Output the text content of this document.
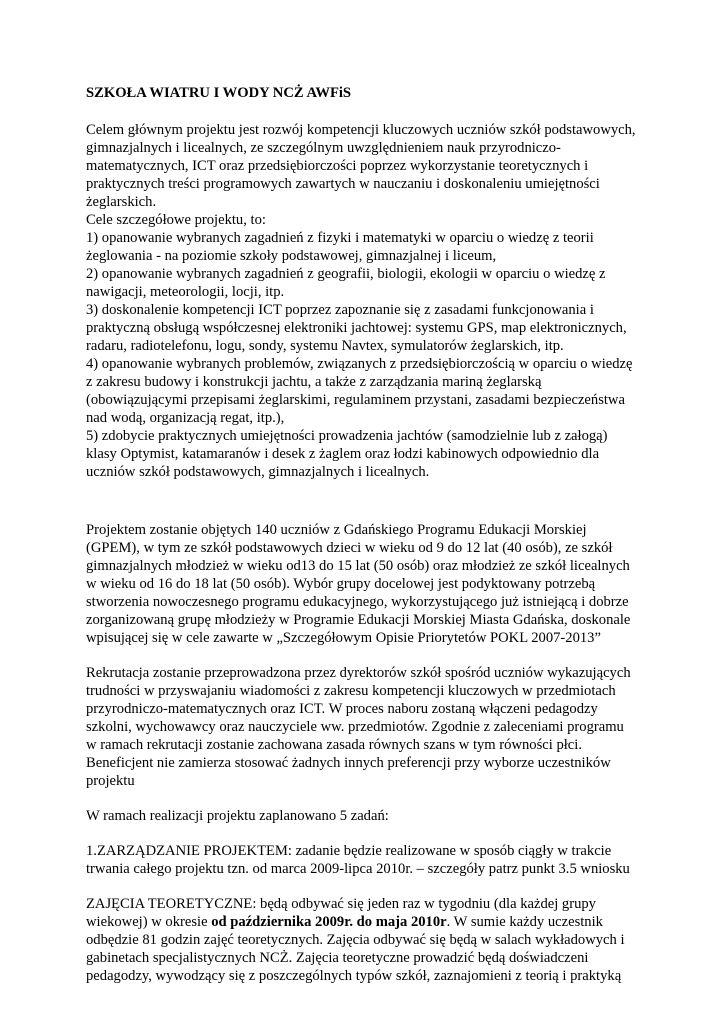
SZKOŁA WIATRU I WODY NCŻ AWFiS
Celem głównym projektu jest rozwój kompetencji kluczowych uczniów szkół podstawowych,
gimnazjalnych i licealnych, ze szczególnym uwzględnieniem nauk przyrodniczo-
matematycznych, ICT oraz przedsiębiorczości poprzez wykorzystanie teoretycznych i
praktycznych treści programowych zawartych w nauczaniu i doskonaleniu umiejętności
żeglarskich.
Cele szczegółowe projektu, to:
1) opanowanie wybranych zagadnień z fizyki i matematyki w oparciu o wiedzę z teorii
żeglowania - na poziomie szkoły podstawowej, gimnazjalnej i liceum,
2) opanowanie wybranych zagadnień z geografii, biologii, ekologii w oparciu o wiedzę z
nawigacji, meteorologii, locji, itp.
3) doskonalenie kompetencji ICT poprzez zapoznanie się z zasadami funkcjonowania i
praktyczną obsługą współczesnej elektroniki jachtowej: systemu GPS, map elektronicznych,
radaru, radiotelefonu, logu, sondy, systemu Navtex, symulatorów żeglarskich, itp.
4) opanowanie wybranych problemów, związanych z przedsiębiorczością w oparciu o wiedzę
z zakresu budowy i konstrukcji jachtu, a także z zarządzania mariną żeglarską
(obowiązującymi przepisami żeglarskimi, regulaminem przystani, zasadami bezpieczeństwa
nad wodą, organizacją regat, itp.),
5) zdobycie praktycznych umiejętności prowadzenia jachtów (samodzielnie lub z załogą)
klasy Optymist, katamaranów i desek z żaglem oraz łodzi kabinowych odpowiednio dla
uczniów szkół podstawowych, gimnazjalnych i licealnych.
Projektem zostanie objętych 140 uczniów z Gdańskiego Programu Edukacji Morskiej
(GPEM), w tym ze szkół podstawowych dzieci w wieku od 9 do 12 lat (40 osób), ze szkół
gimnazjalnych młodzież w wieku od13 do 15 lat (50 osób) oraz młodzież ze szkół licealnych
w wieku od 16 do 18 lat (50 osób). Wybór grupy docelowej jest podyktowany potrzebą
stworzenia nowoczesnego programu edukacyjnego, wykorzystującego już istniejącą i dobrze
zorganizowaną grupę młodzieży w Programie Edukacji Morskiej Miasta Gdańska, doskonale
wpisującej się w cele zawarte w „Szczegółowym Opisie Priorytetów POKL 2007-2013”
Rekrutacja zostanie przeprowadzona przez dyrektorów szkół spośród uczniów wykazujących
trudności w przyswajaniu wiadomości z zakresu kompetencji kluczowych w przedmiotach
przyrodniczo-matematycznych oraz ICT. W proces naboru zostaną włączeni pedagodzy
szkolni, wychowawcy oraz nauczyciele ww. przedmiotów. Zgodnie z zaleceniami programu
w ramach rekrutacji zostanie zachowana zasada równych szans w tym równości płci.
Beneficjent nie zamierza stosować żadnych innych preferencji przy wyborze uczestników
projektu
W ramach realizacji projektu zaplanowano 5 zadań:
1.ZARZĄDZANIE PROJEKTEM: zadanie będzie realizowane w sposób ciągły w trakcie
trwania całego projektu tzn. od marca 2009-lipca 2010r. – szczegóły patrz punkt 3.5 wniosku
ZAJĘCIA TEORETYCZNE: będą odbywać się jeden raz w tygodniu (dla każdej grupy
wiekowej) w okresie od października 2009r. do maja 2010r. W sumie każdy uczestnik
odbędzie 81 godzin zajęć teoretycznych. Zajęcia odbywać się będą w salach wykładowych i
gabinetach specjalistycznych NCŻ. Zajęcia teoretyczne prowadzić będą doświadczeni
pedagodzy, wywodzący się z poszczególnych typów szkół, zaznajomieni z teorią i praktyką
